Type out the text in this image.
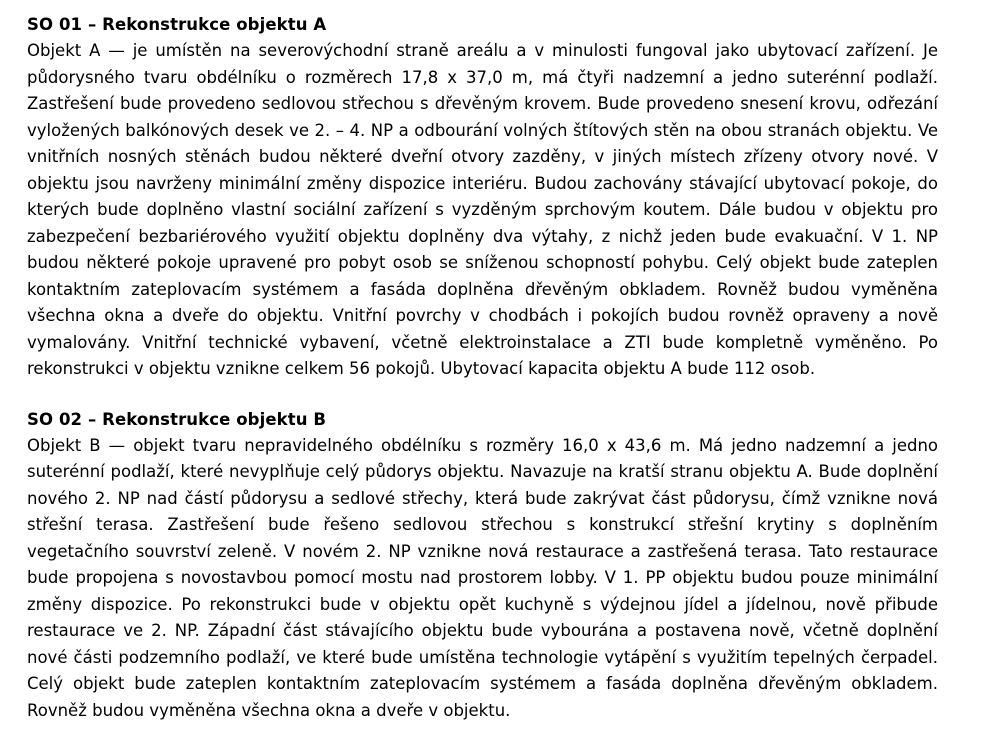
SO 01 – Rekonstrukce objektu A

Objekt A — je umístěn na severovýchodní straně areálu a v minulosti fungoval jako ubytovací zařízení. Je půdorysného tvaru obdélníku o rozměrech 17,8 x 37,0 m, má čtyři nadzemní a jedno suterénní podlaží. Zastřešení bude provedeno sedlovou střechou s dřevěným krovem. Bude provedeno snesení krovu, odřezání vyložených balkónových desek ve 2. – 4. NP a odbourání volných štítových stěn na obou stranách objektu. Ve vnitřních nosných stěnách budou některé dveřní otvory zazděny, v jiných místech zřízeny otvory nové. V objektu jsou navrženy minimální změny dispozice interiéru. Budou zachovány stávající ubytovací pokoje, do kterých bude doplněno vlastní sociální zařízení s vyzděným sprchovým koutem. Dále budou v objektu pro zabezpečení bezbariérového využití objektu doplněny dva výtahy, z nichž jeden bude evakuační. V 1. NP budou některé pokoje upravené pro pobyt osob se sníženou schopností pohybu. Celý objekt bude zateplen kontaktním zateplovacím systémem a fasáda doplněna dřevěným obkladem. Rovněž budou vyměněna všechna okna a dveře do objektu. Vnitřní povrchy v chodbách i pokojích budou rovněž opraveny a nově vymalovány. Vnitřní technické vybavení, včetně elektroinstalace a ZTI bude kompletně vyměněno. Po rekonstrukci v objektu vznikne celkem 56 pokojů. Ubytovací kapacita objektu A bude 112 osob.

SO 02 – Rekonstrukce objektu B

Objekt B — objekt tvaru nepravidelného obdélníku s rozměry 16,0 x 43,6 m. Má jedno nadzemní a jedno suterénní podlaží, které nevyplňuje celý půdorys objektu. Navazuje na kratší stranu objektu A. Bude doplnění nového 2. NP nad částí půdorysu a sedlové střechy, která bude zakrývat část půdorysu, čímž vznikne nová střešní terasa. Zastřešení bude řešeno sedlovou střechou s konstrukcí střešní krytiny s doplněním vegetačního souvrství zeleně. V novém 2. NP vznikne nová restaurace a zastřešená terasa. Tato restaurace bude propojena s novostavbou pomocí mostu nad prostorem lobby. V 1. PP objektu budou pouze minimální změny dispozice. Po rekonstrukci bude v objektu opět kuchyně s výdejnou jídel a jídelnou, nově přibude restaurace ve 2. NP. Západní část stávajícího objektu bude vybourána a postavena nově, včetně doplnění nové části podzemního podlaží, ve které bude umístěna technologie vytápění s využitím tepelných čerpadel. Celý objekt bude zateplen kontaktním zateplovacím systémem a fasáda doplněna dřevěným obkladem. Rovněž budou vyměněna všechna okna a dveře v objektu.
